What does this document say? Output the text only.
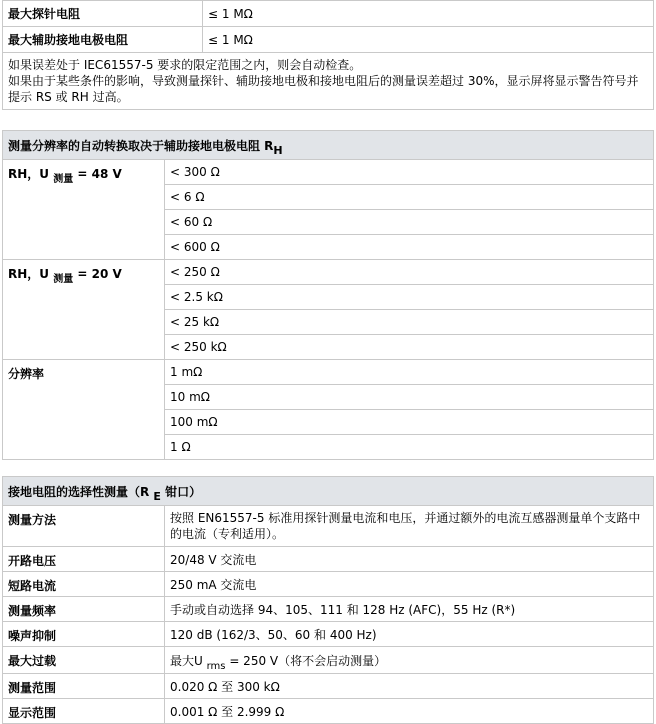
最大探针电阻	≤ 1 MΩ
最大辅助接地电极电阻	≤ 1 MΩ

如果误差处于 IEC61557-5 要求的限定范围之内，则会自动检查。
如果由于某些条件的影响，导致测量探针、辅助接地电极和接地电阻后的测量误差超过 30%，显示屏将显示警告符号并提示 RS 或 RH 过高。	
测量分辨率的自动转换取决于辅助接地电极电阻 RH	
RH，U $_{测量}$ = 48 V	< 300 Ω
	< 6 Ω
	< 60 Ω
	< 600 Ω
RH，U $_{测量}$ = 20 V	< 250 Ω
	< 2.5 kΩ
	< 25 kΩ
	< 250 kΩ
分辨率	1 mΩ
	10 mΩ
	100 mΩ
	1 Ω
接地电阻的选择性测量（R E 钳口）	
测量方法	按照 EN61557-5 标准用探针测量电流和电压，并通过额外的电流互感器测量单个支路中的电流（专利适用）。
开路电压	20/48 V 交流电
短路电流	250 mA 交流电
测量频率	手动或自动选择 94、105、111 和 128 Hz (AFC)，55 Hz (R*)
噪声抑制	120 dB (162/3、50、60 和 400 Hz)
最大过载	最大U $_{rms}$ = 250 V（将不会启动测量）
测量范围	0.020 Ω 至 300 kΩ
显示范围	0.001 Ω 至 2.999 Ω
